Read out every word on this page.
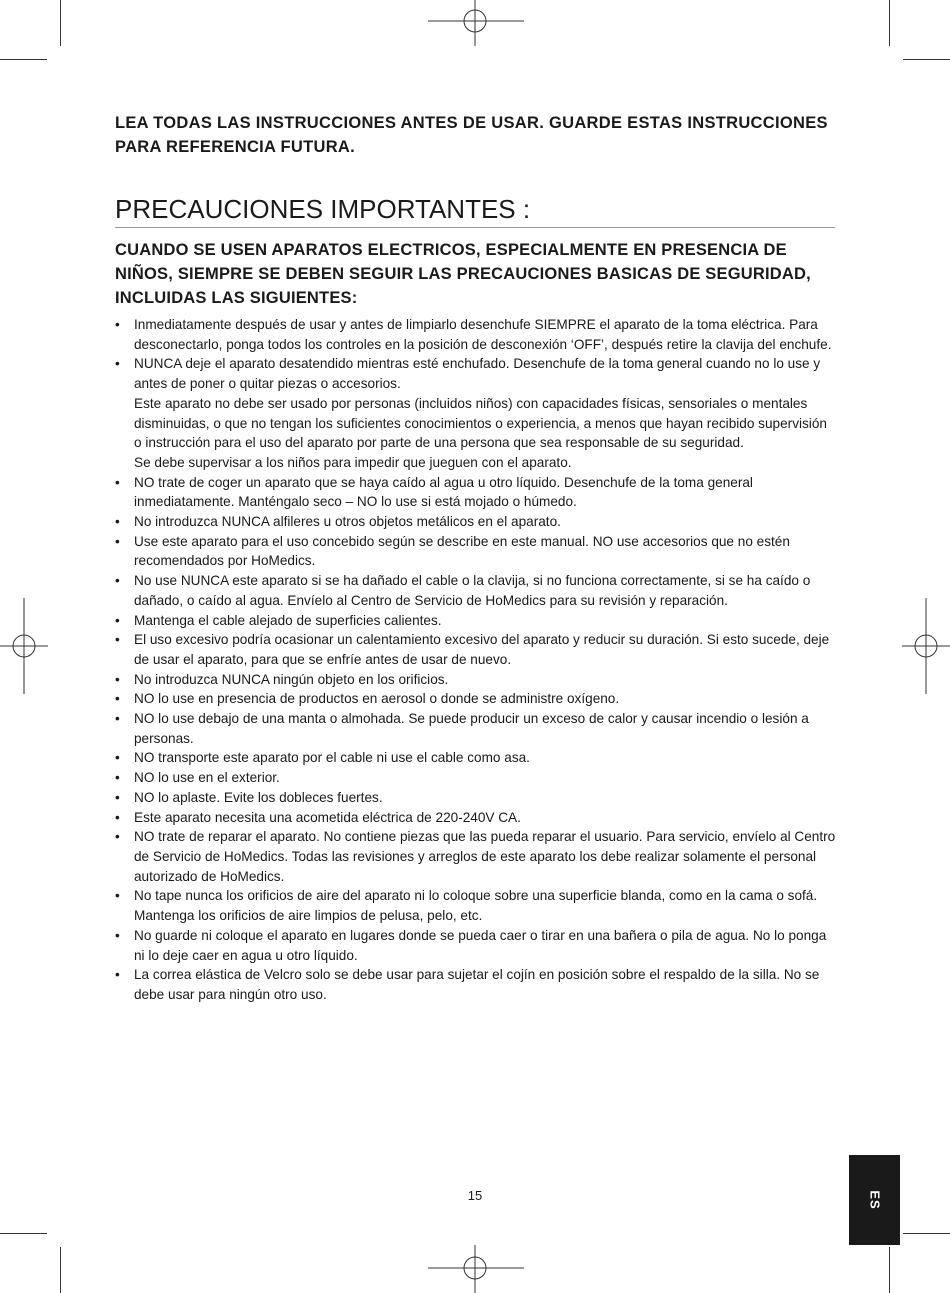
LEA TODAS LAS INSTRUCCIONES ANTES DE USAR. GUARDE ESTAS INSTRUCCIONES PARA REFERENCIA FUTURA.

PRECAUCIONES IMPORTANTES :
CUANDO SE USEN APARATOS ELECTRICOS, ESPECIALMENTE EN PRESENCIA DE NIÑOS, SIEMPRE SE DEBEN SEGUIR LAS PRECAUCIONES BASICAS DE SEGURIDAD, INCLUIDAS LAS SIGUIENTES:
• Inmediatamente después de usar y antes de limpiarlo desenchufe SIEMPRE el aparato de la toma eléctrica. Para desconectarlo, ponga todos los controles en la posición de desconexión ‘OFF’, después retire la clavija del enchufe.

• NUNCA deje el aparato desatendido mientras esté enchufado. Desenchufe de la toma general cuando no lo use y antes de poner o quitar piezas o accesorios.

Este aparato no debe ser usado por personas (incluidos niños) con capacidades físicas, sensoriales o mentales disminuidas, o que no tengan los suficientes conocimientos o experiencia, a menos que hayan recibido supervisión o instrucción para el uso del aparato por parte de una persona que sea responsable de su seguridad.

Se debe supervisar a los niños para impedir que jueguen con el aparato.

• NO trate de coger un aparato que se haya caído al agua u otro líquido. Desenchufe de la toma general inmediatamente. Manténgalo seco – NO lo use si está mojado o húmedo.

• No introduzca NUNCA alfileres u otros objetos metálicos en el aparato.

• Use este aparato para el uso concebido según se describe en este manual. NO use accesorios que no estén recomendados por HoMedics.

• No use NUNCA este aparato si se ha dañado el cable o la clavija, si no funciona correctamente, si se ha caído o dañado, o caído al agua. Envíelo al Centro de Servicio de HoMedics para su revisión y reparación.

• Mantenga el cable alejado de superficies calientes.

• El uso excesivo podría ocasionar un calentamiento excesivo del aparato y reducir su duración. Si esto sucede, deje de usar el aparato, para que se enfríe antes de usar de nuevo.

• No introduzca NUNCA ningún objeto en los orificios.

• NO lo use en presencia de productos en aerosol o donde se administre oxígeno.

• NO lo use debajo de una manta o almohada. Se puede producir un exceso de calor y causar incendio o lesión a personas.

• NO transporte este aparato por el cable ni use el cable como asa.

• NO lo use en el exterior.

• NO lo aplaste. Evite los dobleces fuertes.

• Este aparato necesita una acometida eléctrica de 220-240V CA.

• NO trate de reparar el aparato. No contiene piezas que las pueda reparar el usuario. Para servicio, envíelo al Centro de Servicio de HoMedics. Todas las revisiones y arreglos de este aparato los debe realizar solamente el personal autorizado de HoMedics.

• No tape nunca los orificios de aire del aparato ni lo coloque sobre una superficie blanda, como en la cama o sofá. Mantenga los orificios de aire limpios de pelusa, pelo, etc.

• No guarde ni coloque el aparato en lugares donde se pueda caer o tirar en una bañera o pila de agua. No lo ponga ni lo deje caer en agua u otro líquido.

• La correa elástica de Velcro solo se debe usar para sujetar el cojín en posición sobre el respaldo de la silla. No se debe usar para ningún otro uso.

15	ES
